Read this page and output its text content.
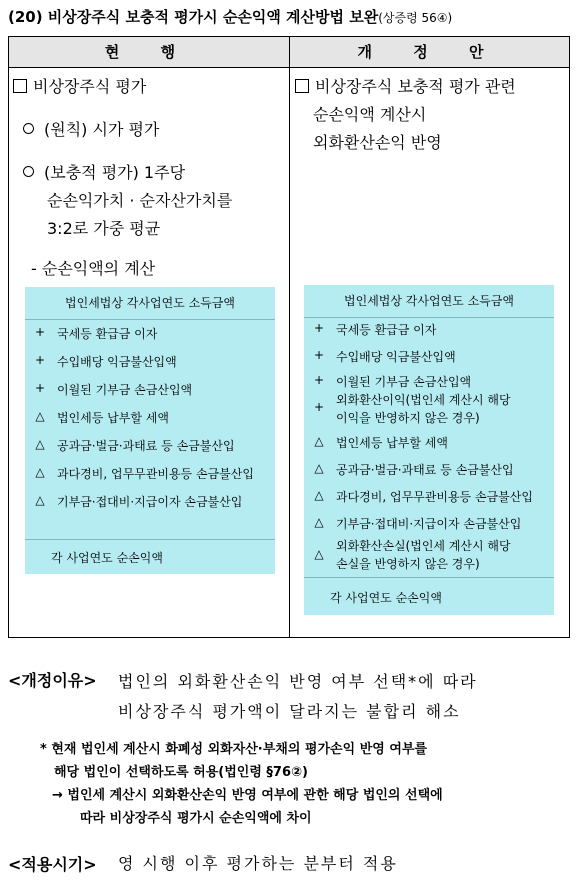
(20) 비상장주식 보충적 평가시 순손익액 계산방법 보완(상증령 56④)
현 행	개 정 안
비상장주식 평가
(원칙) 시가 평가
(보충적 평가) 1주당
순손익가치 · 순자산가치를
3:2로 가중 평균
- 순손익액의 계산
법인세법상 각사업연도 소득금액
+ 국세등 환급금 이자
+ 수입배당 익금불산입액
+ 이월된 기부금 손금산입액
△ 법인세등 납부할 세액
△ 공과금·벌금·과태료 등 손금불산입
△ 과다경비, 업무무관비용등 손금불산입
△ 기부금·접대비·지급이자 손금불산입
각 사업연도 순손익액
비상장주식 보충적 평가 관련
순손익액 계산시
외화환산손익 반영
법인세법상 각사업연도 소득금액
+ 국세등 환급금 이자
+ 수입배당 익금불산입액
+ 이월된 기부금 손금산입액
+ 외화환산이익(법인세 계산시 해당
이익을 반영하지 않은 경우)
△ 법인세등 납부할 세액
△ 공과금·벌금·과태료 등 손금불산입
△ 과다경비, 업무무관비용등 손금불산입
△ 기부금·접대비·지급이자 손금불산입
△
외화환산손실(법인세 계산시 해당
손실을 반영하지 않은 경우)
각 사업연도 순손익액
<개정이유> 법인의 외화환산손익 반영 여부 선택*에 따라
비상장주식 평가액이 달라지는 불합리 해소
* 현재 법인세 계산시 화폐성 외화자산·부채의 평가손익 반영 여부를
해당 법인이 선택하도록 허용(법인령 §76②)
→ 법인세 계산시 외화환산손익 반영 여부에 관한 해당 법인의 선택에
따라 비상장주식 평가시 순손익액에 차이
<적용시기> 영 시행 이후 평가하는 분부터 적용
